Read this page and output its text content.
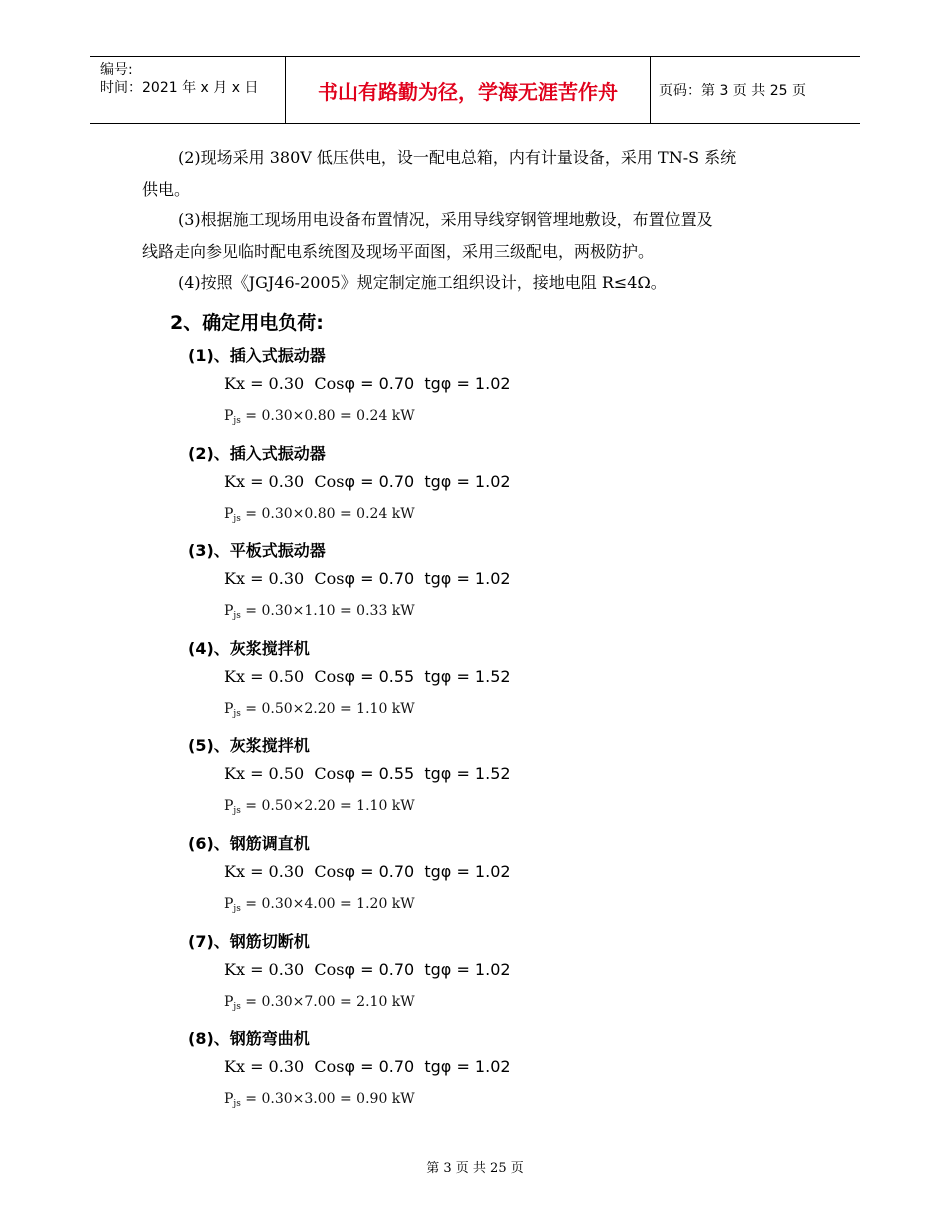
编号:
时间：2021 年 x 月 x 日	书山有路勤为径，学海无涯苦作舟	页码：第 3 页 共 25 页
(2)现场采用 380V 低压供电，设一配电总箱，内有计量设备，采用 TN-S 系统
供电。
(3)根据施工现场用电设备布置情况，采用导线穿钢管埋地敷设，布置位置及
线路走向参见临时配电系统图及现场平面图，采用三级配电，两极防护。
(4)按照《JGJ46-2005》规定制定施工组织设计，接地电阻 R≤4Ω。
2、确定用电负荷:
(1)、插入式振动器
Kx = 0.30  Cosφ = 0.70  tgφ = 1.02
$P_{js} = 0.30\times 0.80 = 0.24$ kW
(2)、插入式振动器
Kx = 0.30  Cosφ = 0.70  tgφ = 1.02
$P_{js} = 0.30\times 0.80 = 0.24$ kW
(3)、平板式振动器
Kx = 0.30  Cosφ = 0.70  tgφ = 1.02
$P_{js} = 0.30\times 1.10 = 0.33$ kW
(4)、灰浆搅拌机
Kx = 0.50  Cosφ = 0.55  tgφ = 1.52
$P_{js} = 0.50\times 2.20 = 1.10$ kW
(5)、灰浆搅拌机
Kx = 0.50  Cosφ = 0.55  tgφ = 1.52
$P_{js} = 0.50\times 2.20 = 1.10$ kW
(6)、钢筋调直机
Kx = 0.30  Cosφ = 0.70  tgφ = 1.02
$P_{js} = 0.30\times 4.00 = 1.20$ kW
(7)、钢筋切断机
Kx = 0.30  Cosφ = 0.70  tgφ = 1.02
$P_{js} = 0.30\times 7.00 = 2.10$ kW
(8)、钢筋弯曲机
Kx = 0.30  Cosφ = 0.70  tgφ = 1.02
$P_{js} = 0.30\times 3.00 = 0.90$ kW
第 3 页 共 25 页
